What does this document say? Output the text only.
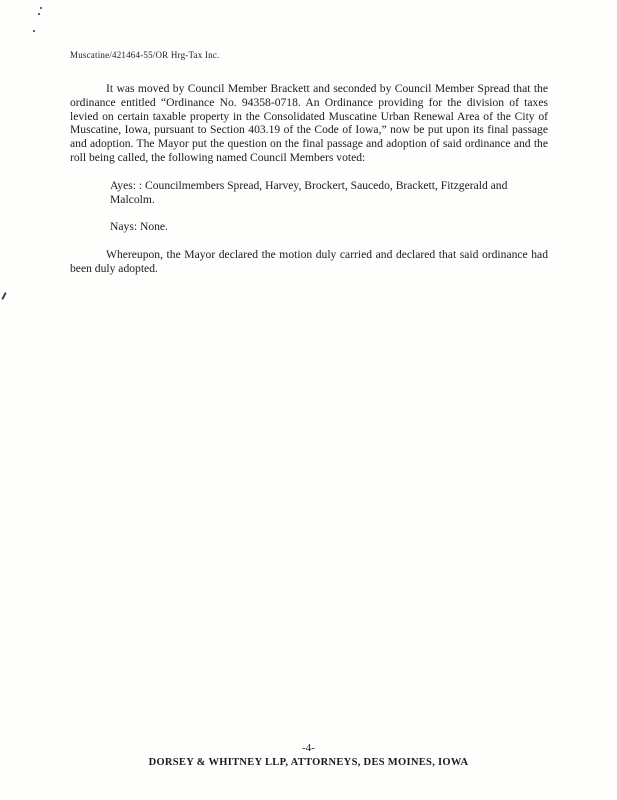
Muscatine/421464-55/OR Hrg-Tax Inc.

It was moved by Council Member Brackett and seconded by Council Member Spread that the ordinance entitled “Ordinance No. 94358-0718. An Ordinance providing for the division of taxes levied on certain taxable property in the Consolidated Muscatine Urban Renewal Area of the City of Muscatine, Iowa, pursuant to Section 403.19 of the Code of Iowa,” now be put upon its final passage and adoption. The Mayor put the question on the final passage and adoption of said ordinance and the roll being called, the following named Council Members voted:

Ayes: : Councilmembers Spread, Harvey, Brockert, Saucedo, Brackett, Fitzgerald and Malcolm.

Nays: None.

Whereupon, the Mayor declared the motion duly carried and declared that said ordinance had been duly adopted.

-4-
DORSEY & WHITNEY LLP, ATTORNEYS, DES MOINES, IOWA
